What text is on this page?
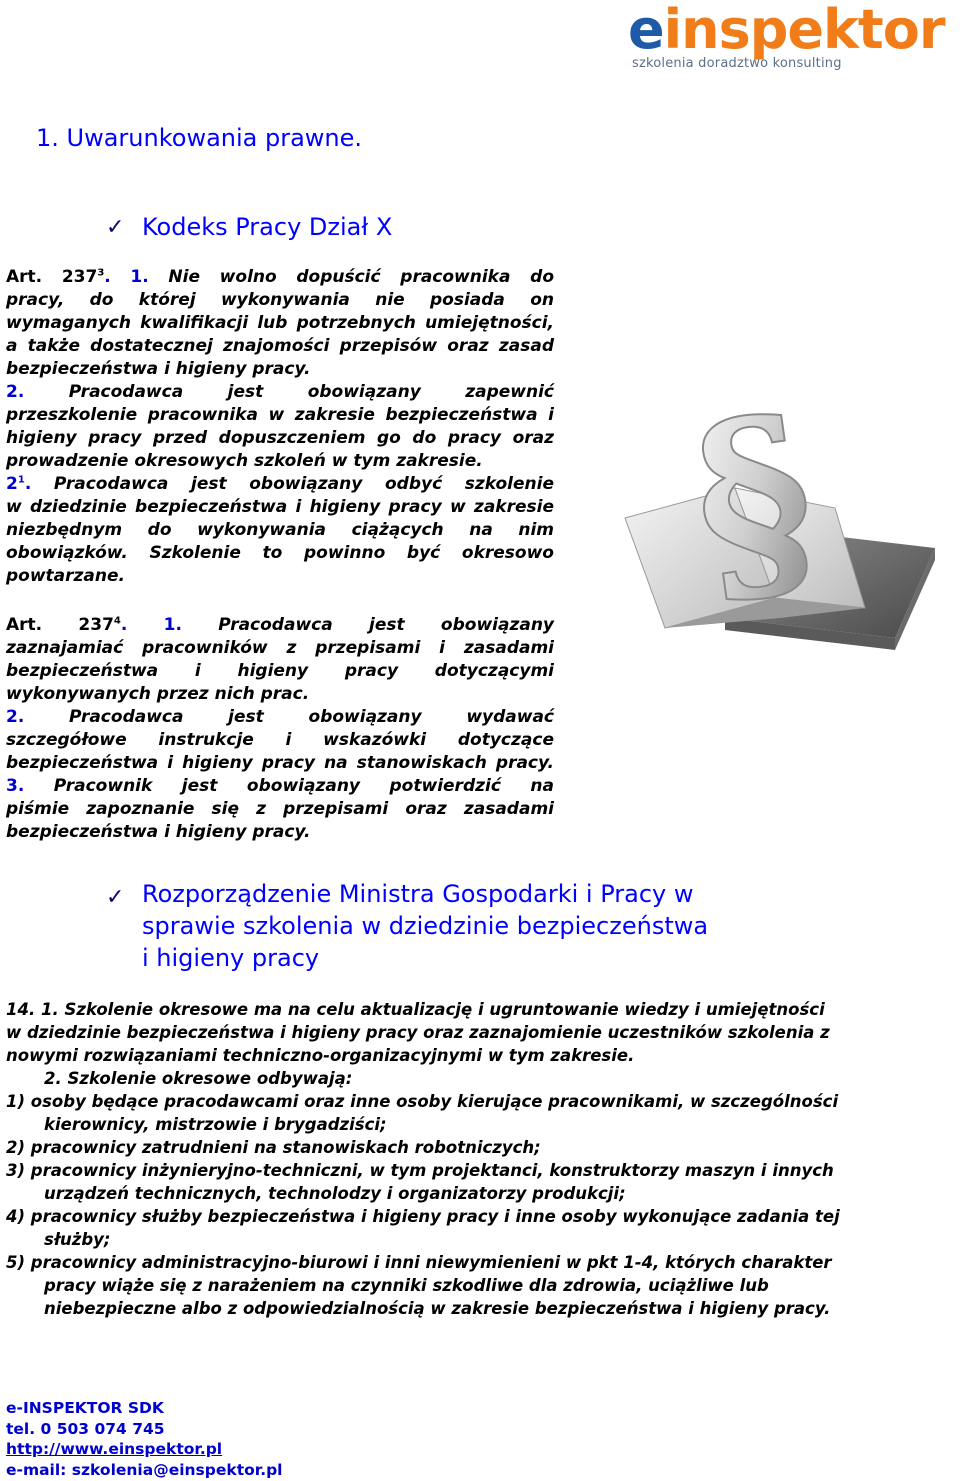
einspektor
szkolenia doradztwo konsulting
1. Uwarunkowania prawne.
✓ Kodeks Pracy Dział X
Art. $237^3$. 1. Nie wolno dopuścić pracownika do
pracy, do której wykonywania nie posiada on
wymaganych kwalifikacji lub potrzebnych umiejętności,
a także dostatecznej znajomości przepisów oraz zasad
bezpieczeństwa i higieny pracy.
2. Pracodawca jest obowiązany zapewnić
przeszkolenie pracownika w zakresie bezpieczeństwa i
higieny pracy przed dopuszczeniem go do pracy oraz
prowadzenie okresowych szkoleń w tym zakresie.
$2^1$. Pracodawca jest obowiązany odbyć szkolenie
w dziedzinie bezpieczeństwa i higieny pracy w zakresie
niezbędnym do wykonywania ciążących na nim
obowiązków. Szkolenie to powinno być okresowo
powtarzane.
Art. $237^4$. 1. Pracodawca jest obowiązany
zaznajamiać pracowników z przepisami i zasadami
bezpieczeństwa i higieny pracy dotyczącymi
wykonywanych przez nich prac.
2. Pracodawca jest obowiązany wydawać
szczegółowe instrukcje i wskazówki dotyczące
bezpieczeństwa i higieny pracy na stanowiskach pracy.
3. Pracownik jest obowiązany potwierdzić na
piśmie zapoznanie się z przepisami oraz zasadami
bezpieczeństwa i higieny pracy.
§
✓ Rozporządzenie Ministra Gospodarki i Pracy w
sprawie szkolenia w dziedzinie bezpieczeństwa
i higieny pracy
14. 1. Szkolenie okresowe ma na celu aktualizację i ugruntowanie wiedzy i umiejętności
w dziedzinie bezpieczeństwa i higieny pracy oraz zaznajomienie uczestników szkolenia z
nowymi rozwiązaniami techniczno-organizacyjnymi w tym zakresie.
2. Szkolenie okresowe odbywają:
1) osoby będące pracodawcami oraz inne osoby kierujące pracownikami, w szczególności
kierownicy, mistrzowie i brygadziści;
2) pracownicy zatrudnieni na stanowiskach robotniczych;
3) pracownicy inżynieryjno-techniczni, w tym projektanci, konstruktorzy maszyn i innych
urządzeń technicznych, technolodzy i organizatorzy produkcji;
4) pracownicy służby bezpieczeństwa i higieny pracy i inne osoby wykonujące zadania tej
służby;
5) pracownicy administracyjno-biurowi i inni niewymienieni w pkt 1-4, których charakter
pracy wiąże się z narażeniem na czynniki szkodliwe dla zdrowia, uciążliwe lub
niebezpieczne albo z odpowiedzialnością w zakresie bezpieczeństwa i higieny pracy.
e-INSPEKTOR SDK
tel. 0 503 074 745
http://www.einspektor.pl
e-mail: szkolenia@einspektor.pl
